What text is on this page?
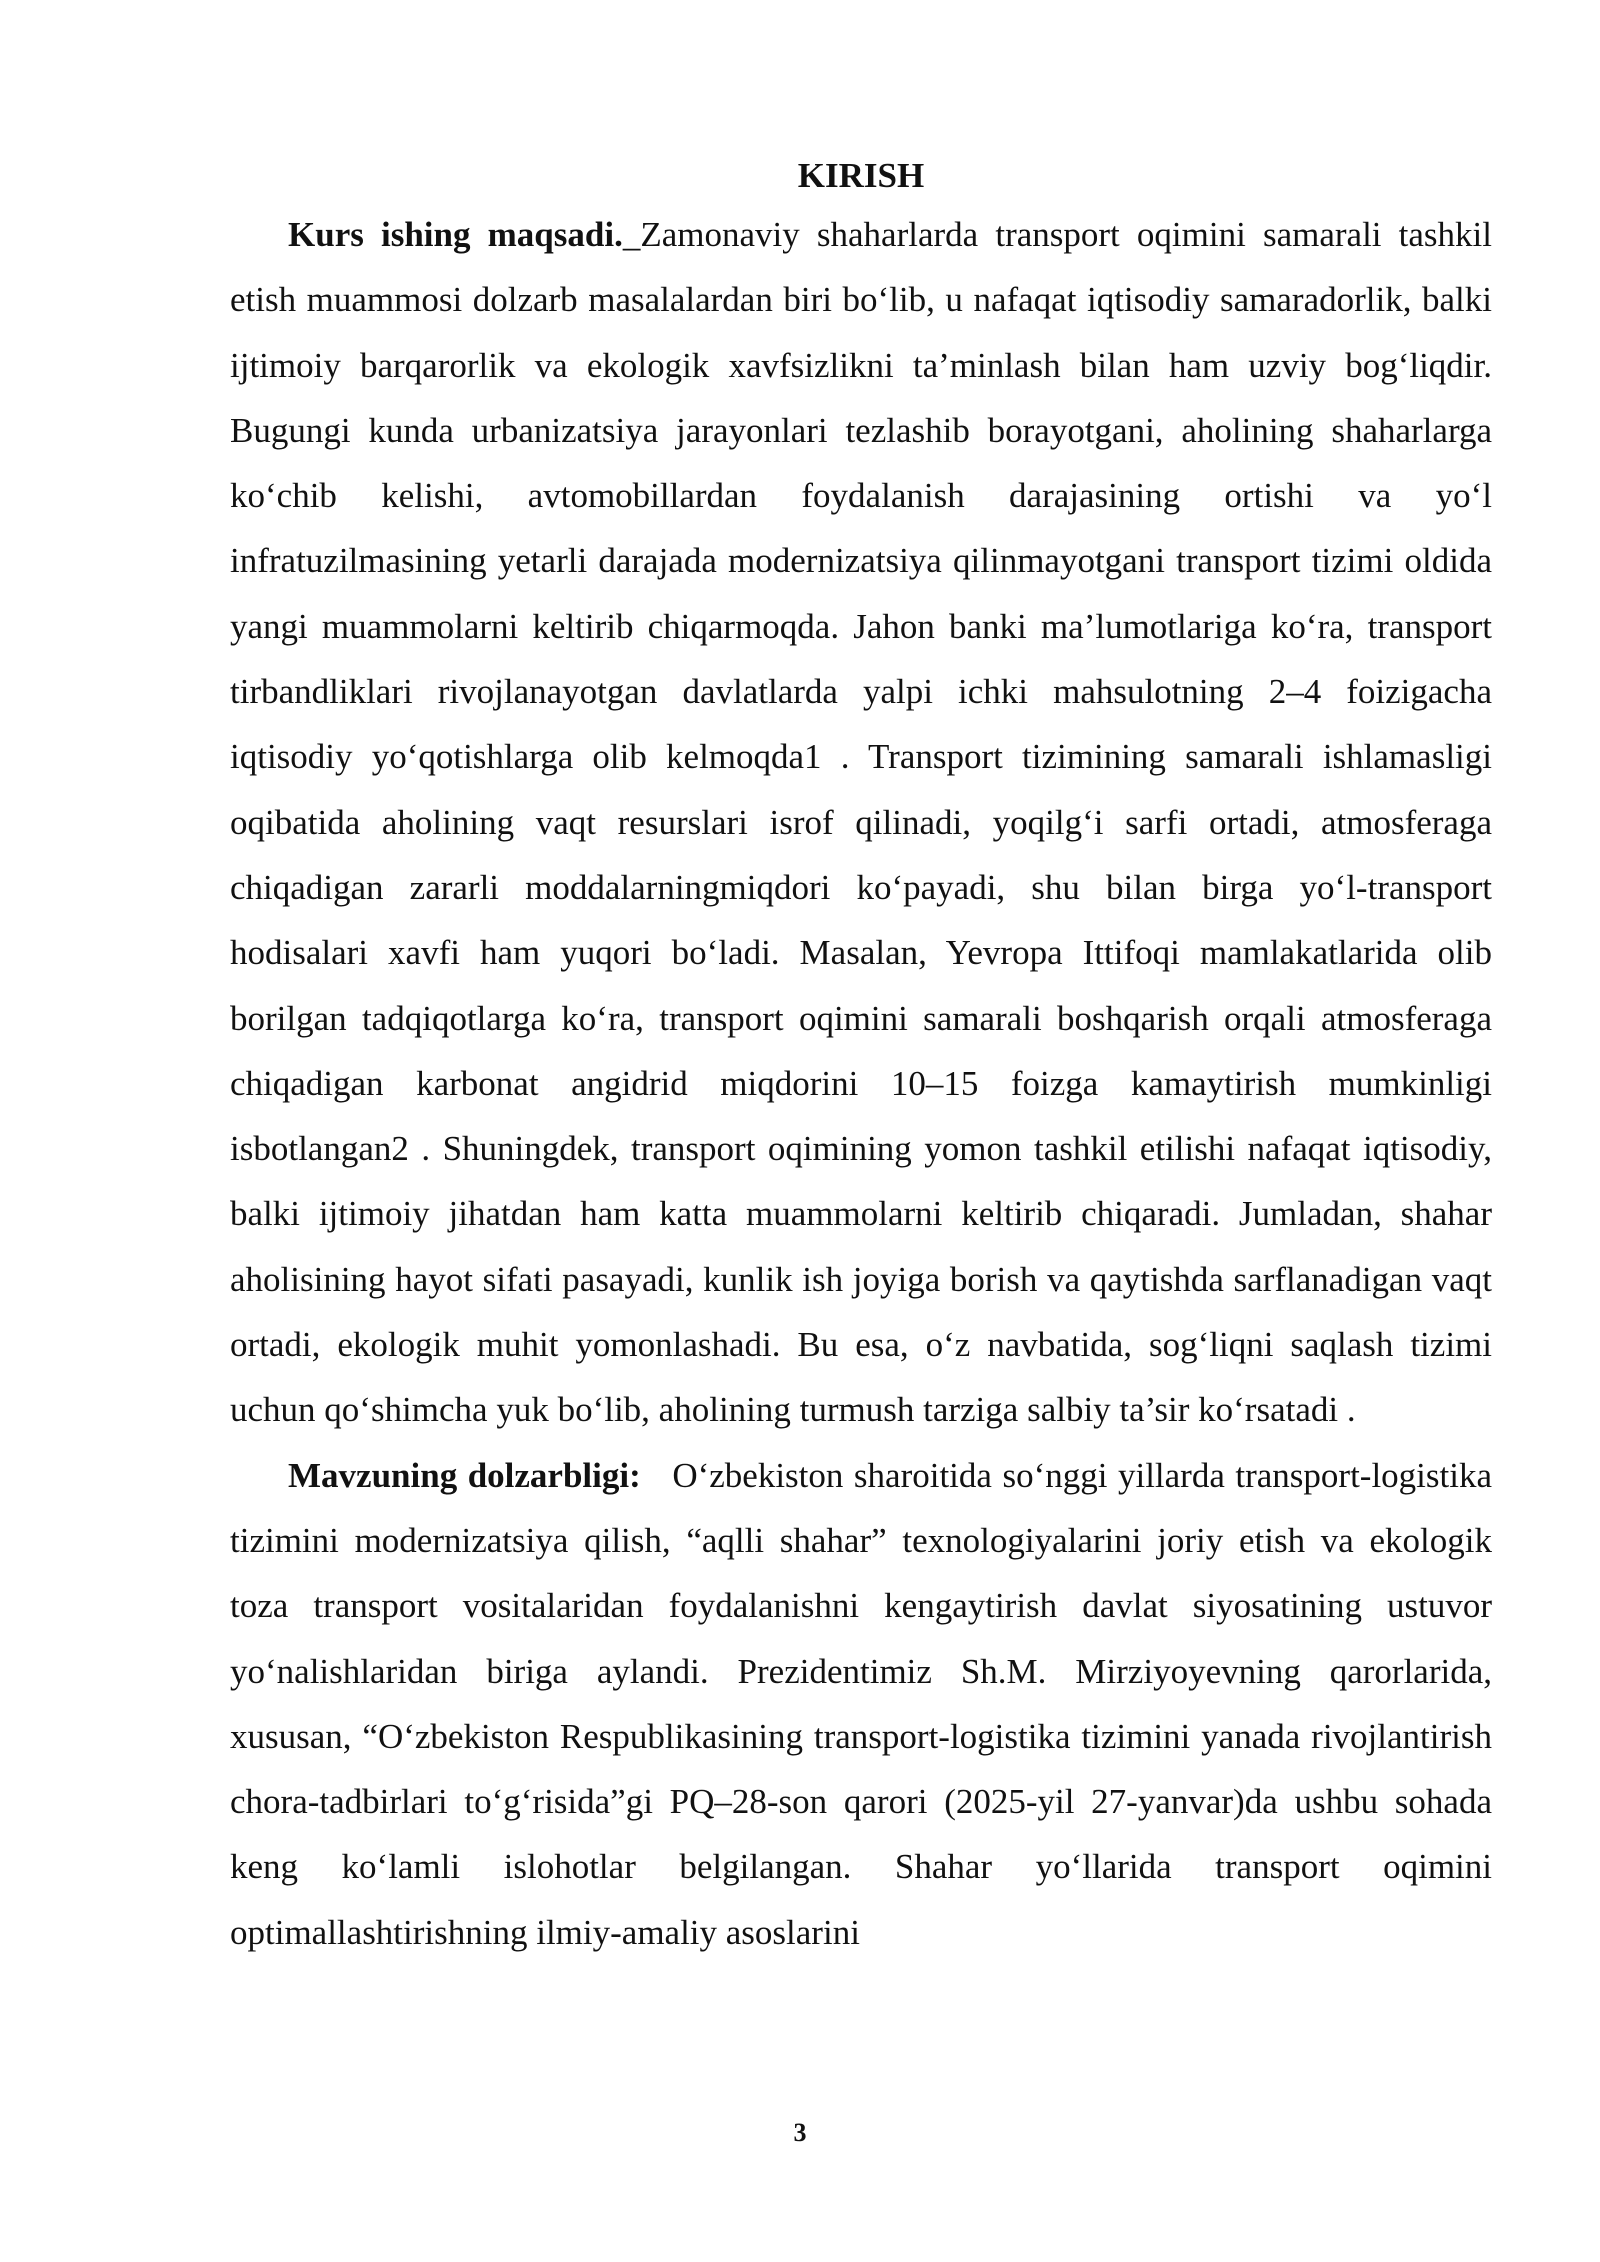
KIRISH

Kurs ishing maqsadi._Zamonaviy shaharlarda transport oqimini samarali tashkil etish muammosi dolzarb masalalardan biri bo‘lib, u nafaqat iqtisodiy samaradorlik, balki ijtimoiy barqarorlik va ekologik xavfsizlikni ta’minlash bilan ham uzviy bog‘liqdir. Bugungi kunda urbanizatsiya jarayonlari tezlashib borayotgani, aholining shaharlarga ko‘chib kelishi, avtomobillardan foydalanish darajasining ortishi va yo‘l infratuzilmasining yetarli darajada modernizatsiya qilinmayotgani transport tizimi oldida yangi muammolarni keltirib chiqarmoqda. Jahon banki ma’lumotlariga ko‘ra, transport tirbandliklari rivojlanayotgan davlatlarda yalpi ichki mahsulotning 2–4 foizigacha iqtisodiy yo‘qotishlarga olib kelmoqda1 . Transport tizimining samarali ishlamasligi oqibatida aholining vaqt resurslari isrof qilinadi, yoqilg‘i sarfi ortadi, atmosferaga chiqadigan zararli moddalarningmiqdori ko‘payadi, shu bilan birga yo‘l-transport hodisalari xavfi ham yuqori bo‘ladi. Masalan, Yevropa Ittifoqi mamlakatlarida olib borilgan tadqiqotlarga ko‘ra, transport oqimini samarali boshqarish orqali atmosferaga chiqadigan karbonat angidrid miqdorini 10–15 foizga kamaytirish mumkinligi isbotlangan2 . Shuningdek, transport oqimining yomon tashkil etilishi nafaqat iqtisodiy, balki ijtimoiy jihatdan ham katta muammolarni keltirib chiqaradi. Jumladan, shahar aholisining hayot sifati pasayadi, kunlik ish joyiga borish va qaytishda sarflanadigan vaqt ortadi, ekologik muhit yomonlashadi. Bu esa, o‘z navbatida, sog‘liqni saqlash tizimi uchun qo‘shimcha yuk bo‘lib, aholining turmush tarziga salbiy ta’sir ko‘rsatadi .

Mavzuning dolzarbligi: O‘zbekiston sharoitida so‘nggi yillarda transport-logistika tizimini modernizatsiya qilish, “aqlli shahar” texnologiyalarini joriy etish va ekologik toza transport vositalaridan foydalanishni kengaytirish davlat siyosatining ustuvor yo‘nalishlaridan biriga aylandi. Prezidentimiz Sh.M. Mirziyoyevning qarorlarida, xususan, “O‘zbekiston Respublikasining transport-logistika tizimini yanada rivojlantirish chora-tadbirlari to‘g‘risida”gi PQ–28-son qarori (2025-yil 27-yanvar)da ushbu sohada keng ko‘lamli islohotlar belgilangan. Shahar yo‘llarida transport oqimini optimallashtirishning ilmiy-amaliy asoslarini

3
